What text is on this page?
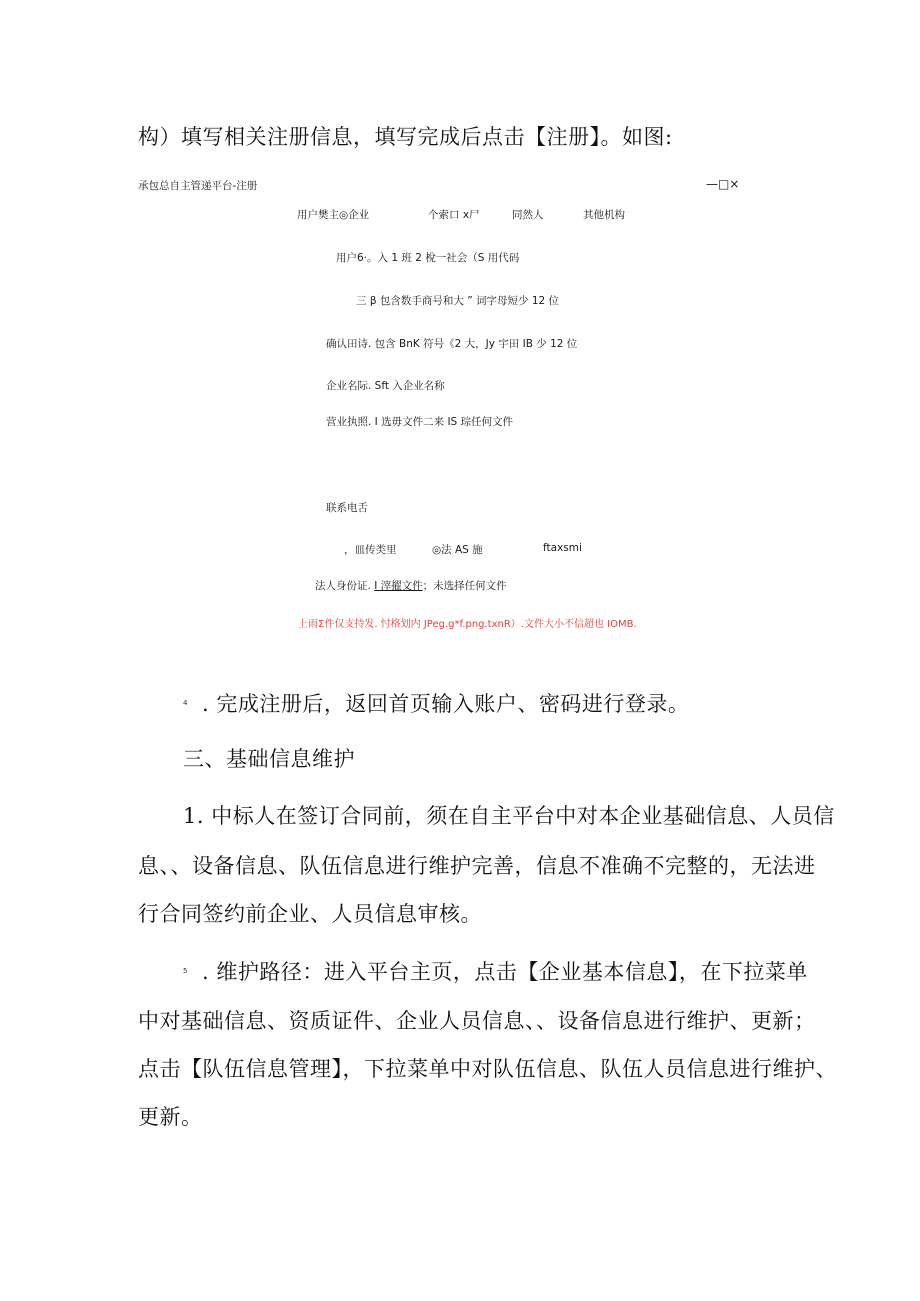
构）填写相关注册信息，填写完成后点击【注册】。如图:
承包总自主管递平台-注册	—□×
用户樊主◎企业	个索口 x尸	同然人	其他机构
用户6·。入 1 班 2 梲一社会（S 用代码
三 β 包含数手商号和大 ” 词字母短少 12 位
确认田诗. 包含 BnK 符号《2 大，Jy 宇田 IB 少 12 位
企业名际. Sft 入企业名称
营业执照. I 选毋文件二来 IS 琮任何文件
联系电舌
，皿传类里	◎法 AS 施	ftaxsmi
法人身份证. I 滓擢文件；未选择任何文件
上雨Σ件仅支持发. 忖格划内 JPeg.g*f.png.txnR）.文件大小不信超也 IOMB.
4 . 完成注册后，返回首页输入账户、密码进行登录。
三、基础信息维护
1. 中标人在签订合同前，须在自主平台中对本企业基础信息、人员信
息、、设备信息、队伍信息进行维护完善，信息不准确不完整的，无法进
行合同签约前企业、人员信息审核。
5 . 维护路径：进入平台主页，点击【企业基本信息】，在下拉菜单
中对基础信息、资质证件、企业人员信息、、设备信息进行维护、更新；
点击【队伍信息管理】，下拉菜单中对队伍信息、队伍人员信息进行维护、
更新。
